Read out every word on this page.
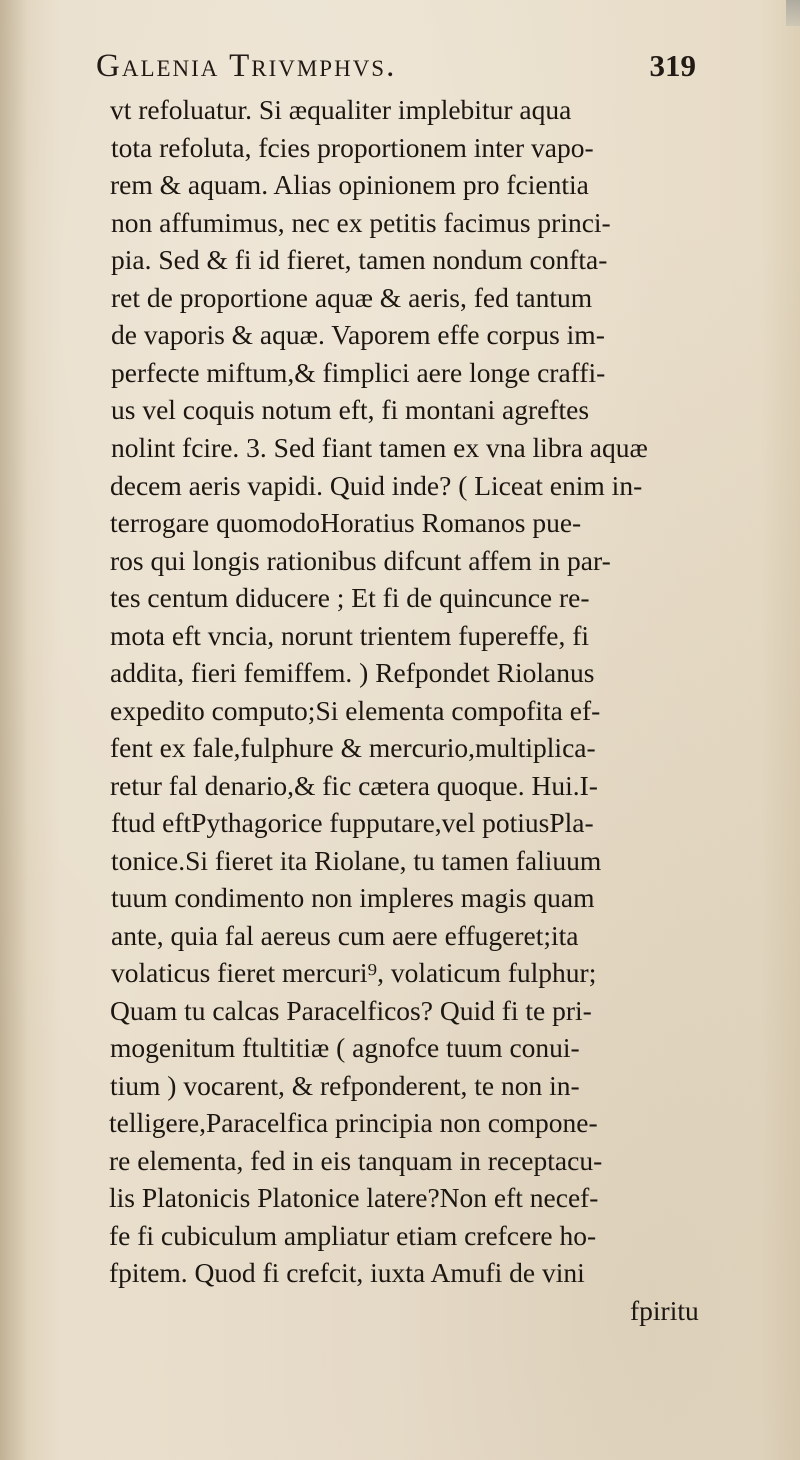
Galenia Trivmphvs.	319
vt refoluatur. Si æqualiter implebitur aqua
tota refoluta, fcies proportionem inter vapo-
rem & aquam. Alias opinionem pro fcientia
non affumimus, nec ex petitis facimus princi-
pia. Sed & fi id fieret, tamen nondum confta-
ret de proportione aquæ & aeris, fed tantum
de vaporis & aquæ. Vaporem effe corpus im-
perfecte miftum,& fimplici aere longe craffi-
us vel coquis notum eft, fi montani agreftes
nolint fcire. 3. Sed fiant tamen ex vna libra aquæ
decem aeris vapidi. Quid inde? ( Liceat enim in-
terrogare quomodoHoratius Romanos pue-
ros qui longis rationibus difcunt affem in par-
tes centum diducere ; Et fi de quincunce re-
mota eft vncia, norunt trientem fupereffe, fi
addita, fieri femiffem. ) Refpondet Riolanus
expedito computo;Si elementa compofita ef-
fent ex fale,fulphure & mercurio,multiplica-
retur fal denario,& fic cætera quoque. Hui.I-
ftud eftPythagorice fupputare,vel potiusPla-
tonice.Si fieret ita Riolane, tu tamen faliuum
tuum condimento non impleres magis quam
ante, quia fal aereus cum aere effugeret;ita
volaticus fieret mercuri⁹, volaticum fulphur;
Quam tu calcas Paracelficos? Quid fi te pri-
mogenitum ftultitiæ ( agnofce tuum conui-
tium ) vocarent, & refponderent, te non in-
telligere,Paracelfica principia non compone-
re elementa, fed in eis tanquam in receptacu-
lis Platonicis Platonice latere?Non eft necef-
fe fi cubiculum ampliatur etiam crefcere ho-
fpitem. Quod fi crefcit, iuxta Amufi de vini
fpiritu
